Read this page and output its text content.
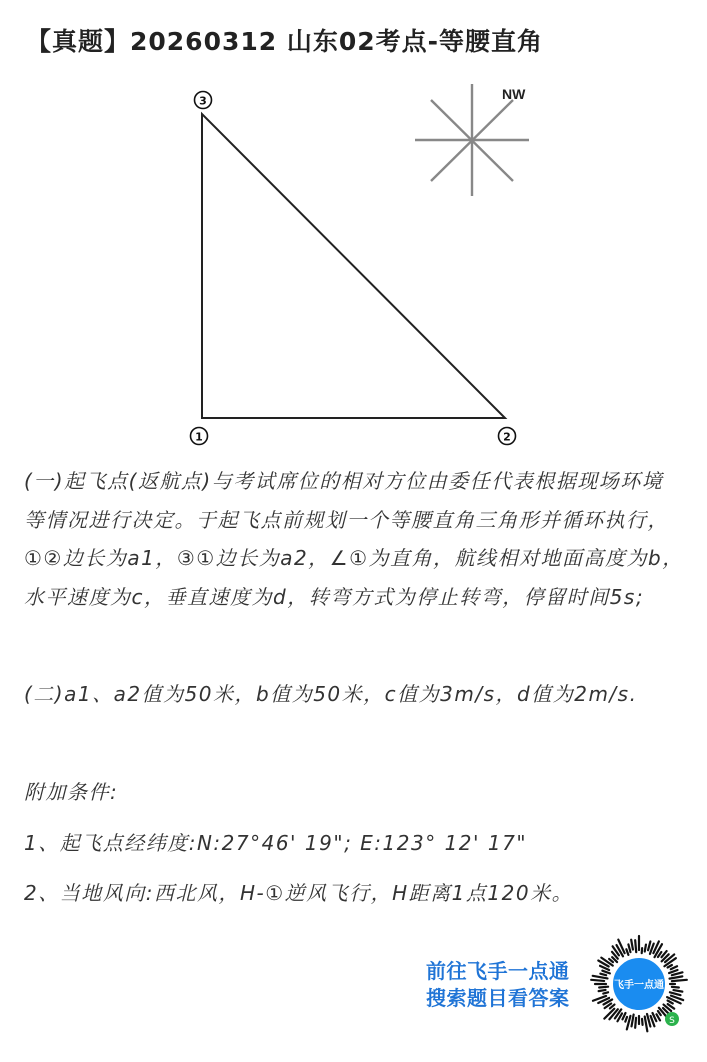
【真题】20260312 山东02考点-等腰直角
1	2
3	NW
(一)起飞点(返航点)与考试席位的相对方位由委任代表根据现场环境等情况进行决定。于起飞点前规划一个等腰直角三角形并循环执行，①②边长为a1，③①边长为a2，∠①为直角，航线相对地面高度为b，水平速度为c，垂直速度为d，转弯方式为停止转弯，停留时间5s;
(二)a1、a2值为50米，b值为50米，c值为3m/s，d值为2m/s.
附加条件:
1、起飞点经纬度:N:27°46' 19"; E:123° 12' 17"
2、当地风向:西北风，H-①逆风飞行，H距离1点120米。
前往飞手一点通
搜索题目看答案
飞手一点通
S
